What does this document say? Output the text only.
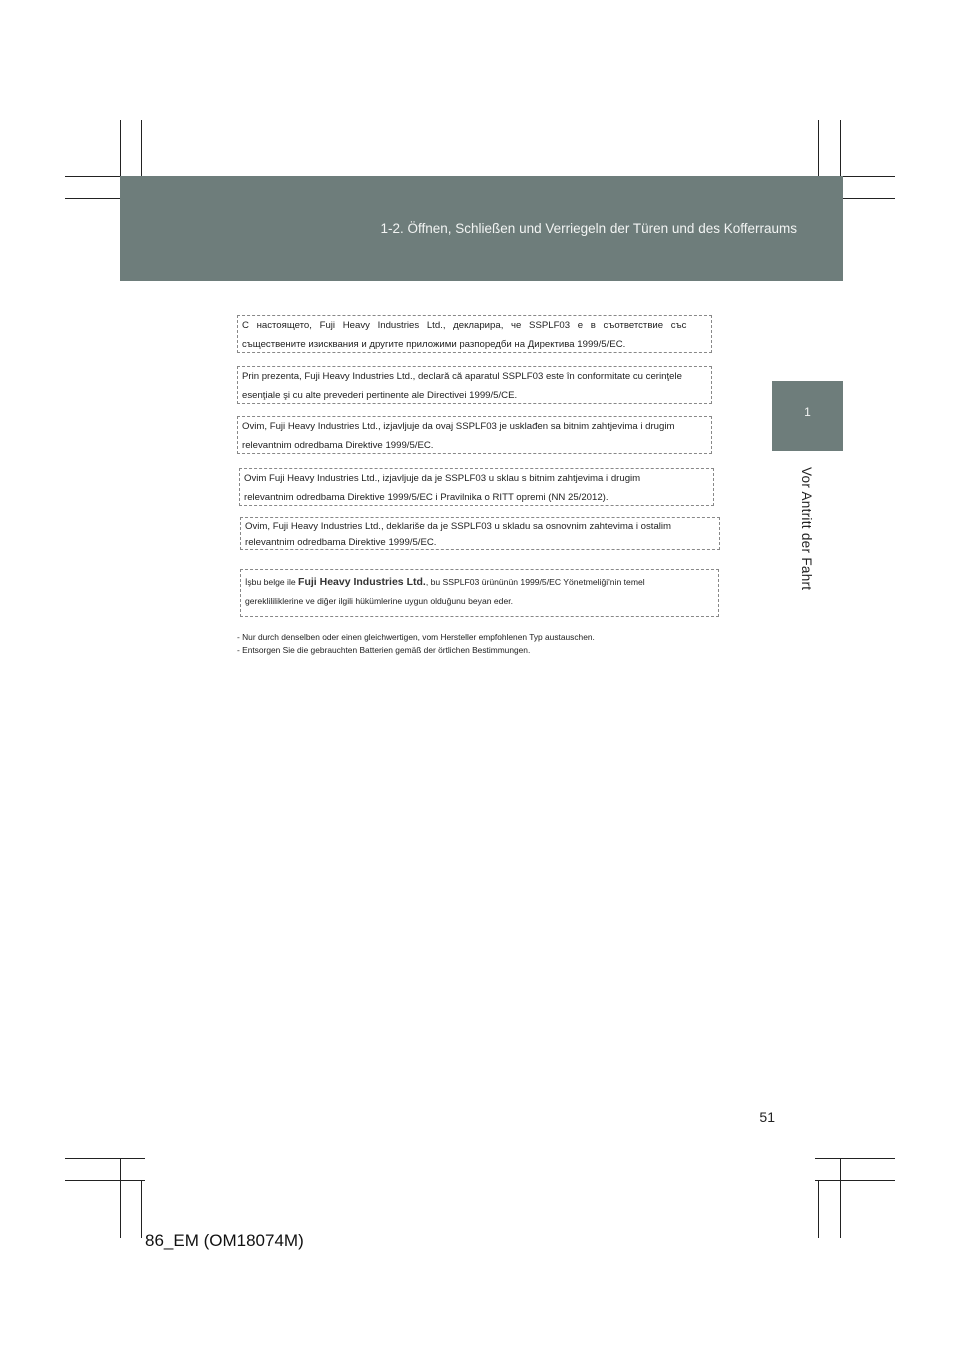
1-2. Öffnen, Schließen und Verriegeln der Türen und des Kofferraums
1
Vor Antritt der Fahrt
С настоящето, Fuji Heavy Industries Ltd., декларира, че SSPLF03 е в съответствие със
съществените изисквания и другите приложими разпоредби на Директива 1999/5/ЕС.
Prin prezenta, Fuji Heavy Industries Ltd., declară că aparatul SSPLF03 este în conformitate cu cerinţele
esenţiale şi cu alte prevederi pertinente ale Directivei 1999/5/CE.
Ovim, Fuji Heavy Industries Ltd., izjavljuje da ovaj SSPLF03 je usklađen sa bitnim zahtjevima i drugim
relevantnim odredbama Direktive 1999/5/EC.
Ovim Fuji Heavy Industries Ltd., izjavljuje da je SSPLF03 u sklau s bitnim zahtjevima i drugim
relevantnim odredbama Direktive 1999/5/EC i Pravilnika o RITT opremi (NN 25/2012).
Ovim, Fuji Heavy Industries Ltd., deklariše da je SSPLF03 u skladu sa osnovnim zahtevima i ostalim
relevantnim odredbama Direktive 1999/5/EC.
İşbu belge ile Fuji Heavy Industries Ltd., bu SSPLF03 ürününün 1999/5/EC Yönetmeliği'nin temel
gereklililiklerine ve diğer ilgili hükümlerine uygun olduğunu beyan eder.
- Nur durch denselben oder einen gleichwertigen, vom Hersteller empfohlenen Typ austauschen.
- Entsorgen Sie die gebrauchten Batterien gemäß der örtlichen Bestimmungen.
51
86_EM (OM18074M)
